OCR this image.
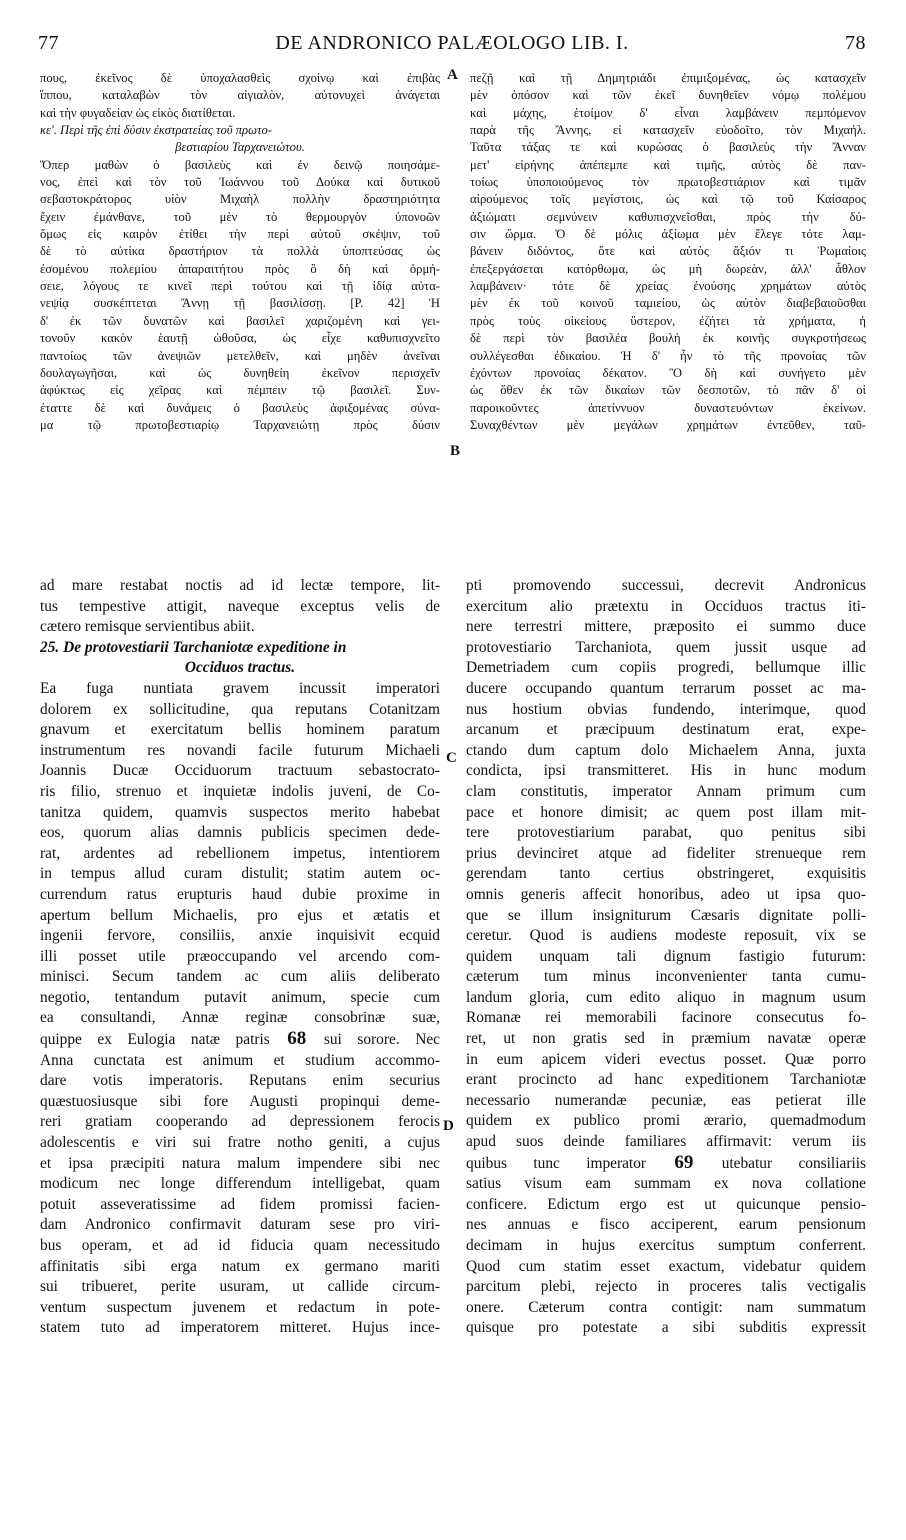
77	DE ANDRONICO PALÆOLOGO LIB. I.	78
πους, ἐκεῖνος δὲ ὑποχαλασθεὶς σχοίνῳ καὶ ἐπιβὰς
ἵππου, καταλαβὼν τὸν αἰγιαλὸν, αὐτονυχεὶ ἀνάγεται
καὶ τὴν φυγαδείαν ὡς εἰκὸς διατίθεται.
κε'. Περὶ τῆς ἐπὶ δύσιν ἐκστρατείας τοῦ πρωτο-
βεστιαρίου Ταρχανειώτου.
Ὅπερ μαθὼν ὁ βασιλεὺς καὶ ἐν δεινῷ ποιησάμε-
νος, ἐπεὶ καὶ τὸν τοῦ Ἰωάννου τοῦ Δούκα καὶ δυτικοῦ
σεβαστοκράτορος υἱὸν Μιχαὴλ πολλὴν δραστηριότητα
ἔχειν ἐμάνθανε, τοῦ μὲν τὸ θερμουργὸν ὑπονοῶν
ὅμως εἰς καιρὸν ἐτίθει τὴν περὶ αὐτοῦ σκέψιν, τοῦ
δὲ τὸ αὐτίκα δραστήριον τὰ πολλὰ ὑποπτεύσας ὡς
ἐσομένου πολεμίου ἀπαραιτήτου πρὸς ὃ δὴ καὶ ὁρμή-
σειε, λόγους τε κινεῖ περὶ τούτου καὶ τῇ ἰδίᾳ αὐτα-
νεψίᾳ συσκέπτεται Ἄννῃ τῇ βασιλίσσῃ. [P. 42] Ἡ
δ' ἐκ τῶν δυνατῶν καὶ βασιλεῖ χαριζομένη καὶ γει-
τονοῦν κακὸν ἑαυτῇ ὠθοῦσα, ὡς εἶχε καθυπισχνεῖτο
παντοίως τῶν ἀνεψιῶν μετελθεῖν, καὶ μηδὲν ἀνεῖναι
δουλαγωγῆσαι, καὶ ὡς δυνηθείη ἐκεῖνον περισχεῖν
ἀφύκτως εἰς χεῖρας καὶ πέμπειν τῷ βασιλεῖ. Συν-
έταττε δὲ καὶ δυνάμεις ὁ βασιλεὺς ἀφιξομένας σύνα-
μα τῷ πρωτοβεστιαρίῳ Ταρχανειώτῃ πρὸς δύσιν
πεζῇ καὶ τῇ Δημητριάδι ἐπιμιξομένας, ὡς κατασχεῖν
μὲν ὁπόσον καὶ τῶν ἐκεῖ δυνηθεῖεν νόμῳ πολέμου
καὶ μάχης, ἑτοίμον δ' εἶναι λαμβάνειν πεμπόμενον
παρὰ τῆς Ἄννης, εἰ κατασχεῖν εὐοδοῖτο, τὸν Μιχαήλ.
Ταῦτα τάξας τε καὶ κυρώσας ὁ βασιλεὺς τὴν Ἄνναν
μετ' εἰρήνης ἀπέπεμπε καὶ τιμῆς, αὐτὸς δὲ παν-
τοίως ὑποποιούμενος τὸν πρωτοβεστιάριον καὶ τιμᾶν
αἱρούμενος τοῖς μεγίστοις, ὡς καὶ τῷ τοῦ Καίσαρος
ἀξιώματι σεμνύνειν καθυπισχνεῖσθαι, πρὸς τὴν δύ-
σιν ὥρμα. Ὁ δὲ μόλις ἀξίωμα μὲν ἔλεγε τότε λαμ-
βάνειν διδόντος, ὅτε καὶ αὐτὸς ἄξιόν τι Ῥωμαίοις
ἐπεξεργάσεται κατόρθωμα, ὡς μὴ δωρεὰν, ἀλλ' ἆθλον
λαμβάνειν· τότε δὲ χρείας ἐνούσης χρημάτων αὐτὸς
μὲν ἐκ τοῦ κοινοῦ ταμιείου, ὡς αὐτὸν διαβεβαιοῦσθαι
πρὸς τοὺς οἰκείους ὕστερον, ἐζήτει τὰ χρήματα, ἡ
δὲ περὶ τὸν βασιλέα βουλὴ ἐκ κοινῆς συγκροτήσεως
συλλέγεσθαι ἐδικαίου. Ἡ δ' ἦν τὸ τῆς προνοίας τῶν
ἐχόντων προνοίας δέκατον. Ὃ δὴ καὶ συνήγετο μὲν
ὡς ὅθεν ἐκ τῶν δικαίων τῶν δεσποτῶν, τὸ πᾶν δ' οἱ
παροικοῦντες ἀπετίννυον δυναστευόντων ἐκείνων.
Συναχθέντων μὲν μεγάλων χρημάτων ἐντεῦθεν, ταῦ-
ad mare restabat noctis ad id lectæ tempore, lit-
tus tempestive attigit, naveque exceptus velis de
cætero remisque servientibus abiit.
25. De protovestiarii Tarchaniotæ expeditione in
Occiduos tractus.
Ea fuga nuntiata gravem incussit imperatori
dolorem ex sollicitudine, qua reputans Cotanitzam
gnavum et exercitatum bellis hominem paratum
instrumentum res novandi facile futurum Michaeli
Joannis Ducæ Occiduorum tractuum sebastocrato-
ris filio, strenuo et inquietæ indolis juveni, de Co-
tanitza quidem, quamvis suspectos merito habebat
eos, quorum alias damnis publicis specimen dede-
rat, ardentes ad rebellionem impetus, intentiorem
in tempus allud curam distulit; statim autem oc-
currendum ratus erupturis haud dubie proxime in
apertum bellum Michaelis, pro ejus et ætatis et
ingenii fervore, consiliis, anxie inquisivit ecquid
illi posset utile præoccupando vel arcendo com-
minisci. Secum tandem ac cum aliis deliberato
negotio, tentandum putavit animum, specie cum
ea consultandi, Annæ reginæ consobrinæ suæ,
quippe ex Eulogia natæ patris 68 sui sorore. Nec
Anna cunctata est animum et studium accommo-
dare votis imperatoris. Reputans enim securius
quæstuosiusque sibi fore Augusti propinqui deme-
reri gratiam cooperando ad depressionem ferocis
adolescentis e viri sui fratre notho geniti, a cujus
et ipsa præcipiti natura malum impendere sibi nec
modicum nec longe differendum intelligebat, quam
potuit asseveratissime ad fidem promissi facien-
dam Andronico confirmavit daturam sese pro viri-
bus operam, et ad id fiducia quam necessitudo
affinitatis sibi erga natum ex germano mariti
sui tribueret, perite usuram, ut callide circum-
ventum suspectum juvenem et redactum in pote-
statem tuto ad imperatorem mitteret. Hujus ince-
pti promovendo successui, decrevit Andronicus
exercitum alio prætextu in Occiduos tractus iti-
nere terrestri mittere, præposito ei summo duce
protovestiario Tarchaniota, quem jussit usque ad
Demetriadem cum copiis progredi, bellumque illic
ducere occupando quantum terrarum posset ac ma-
nus hostium obvias fundendo, interimque, quod
arcanum et præcipuum destinatum erat, expe-
ctando dum captum dolo Michaelem Anna, juxta
condicta, ipsi transmitteret. His in hunc modum
clam constitutis, imperator Annam primum cum
pace et honore dimisit; ac quem post illam mit-
tere protovestiarium parabat, quo penitus sibi
prius devinciret atque ad fideliter strenueque rem
gerendam tanto certius obstringeret, exquisitis
omnis generis affecit honoribus, adeo ut ipsa quo-
que se illum insigniturum Cæsaris dignitate polli-
ceretur. Quod is audiens modeste reposuit, vix se
quidem unquam tali dignum fastigio futurum:
cæterum tum minus inconvenienter tanta cumu-
landum gloria, cum edito aliquo in magnum usum
Romanæ rei memorabili facinore consecutus fo-
ret, ut non gratis sed in præmium navatæ operæ
in eum apicem videri evectus posset. Quæ porro
erant procincto ad hanc expeditionem Tarchaniotæ
necessario numerandæ pecuniæ, eas petierat ille
quidem ex publico promi ærario, quemadmodum
apud suos deinde familiares affirmavit: verum iis
quibus tunc imperator 69 utebatur consiliariis
satius visum eam summam ex nova collatione
conficere. Edictum ergo est ut quicunque pensio-
nes annuas e fisco acciperent, earum pensionum
decimam in hujus exercitus sumptum conferrent.
Quod cum statim esset exactum, videbatur quidem
parcitum plebi, rejecto in proceres talis vectigalis
onere. Cæterum contra contigit: nam summatum
quisque pro potestate a sibi subditis expressit
A
B
C
D
